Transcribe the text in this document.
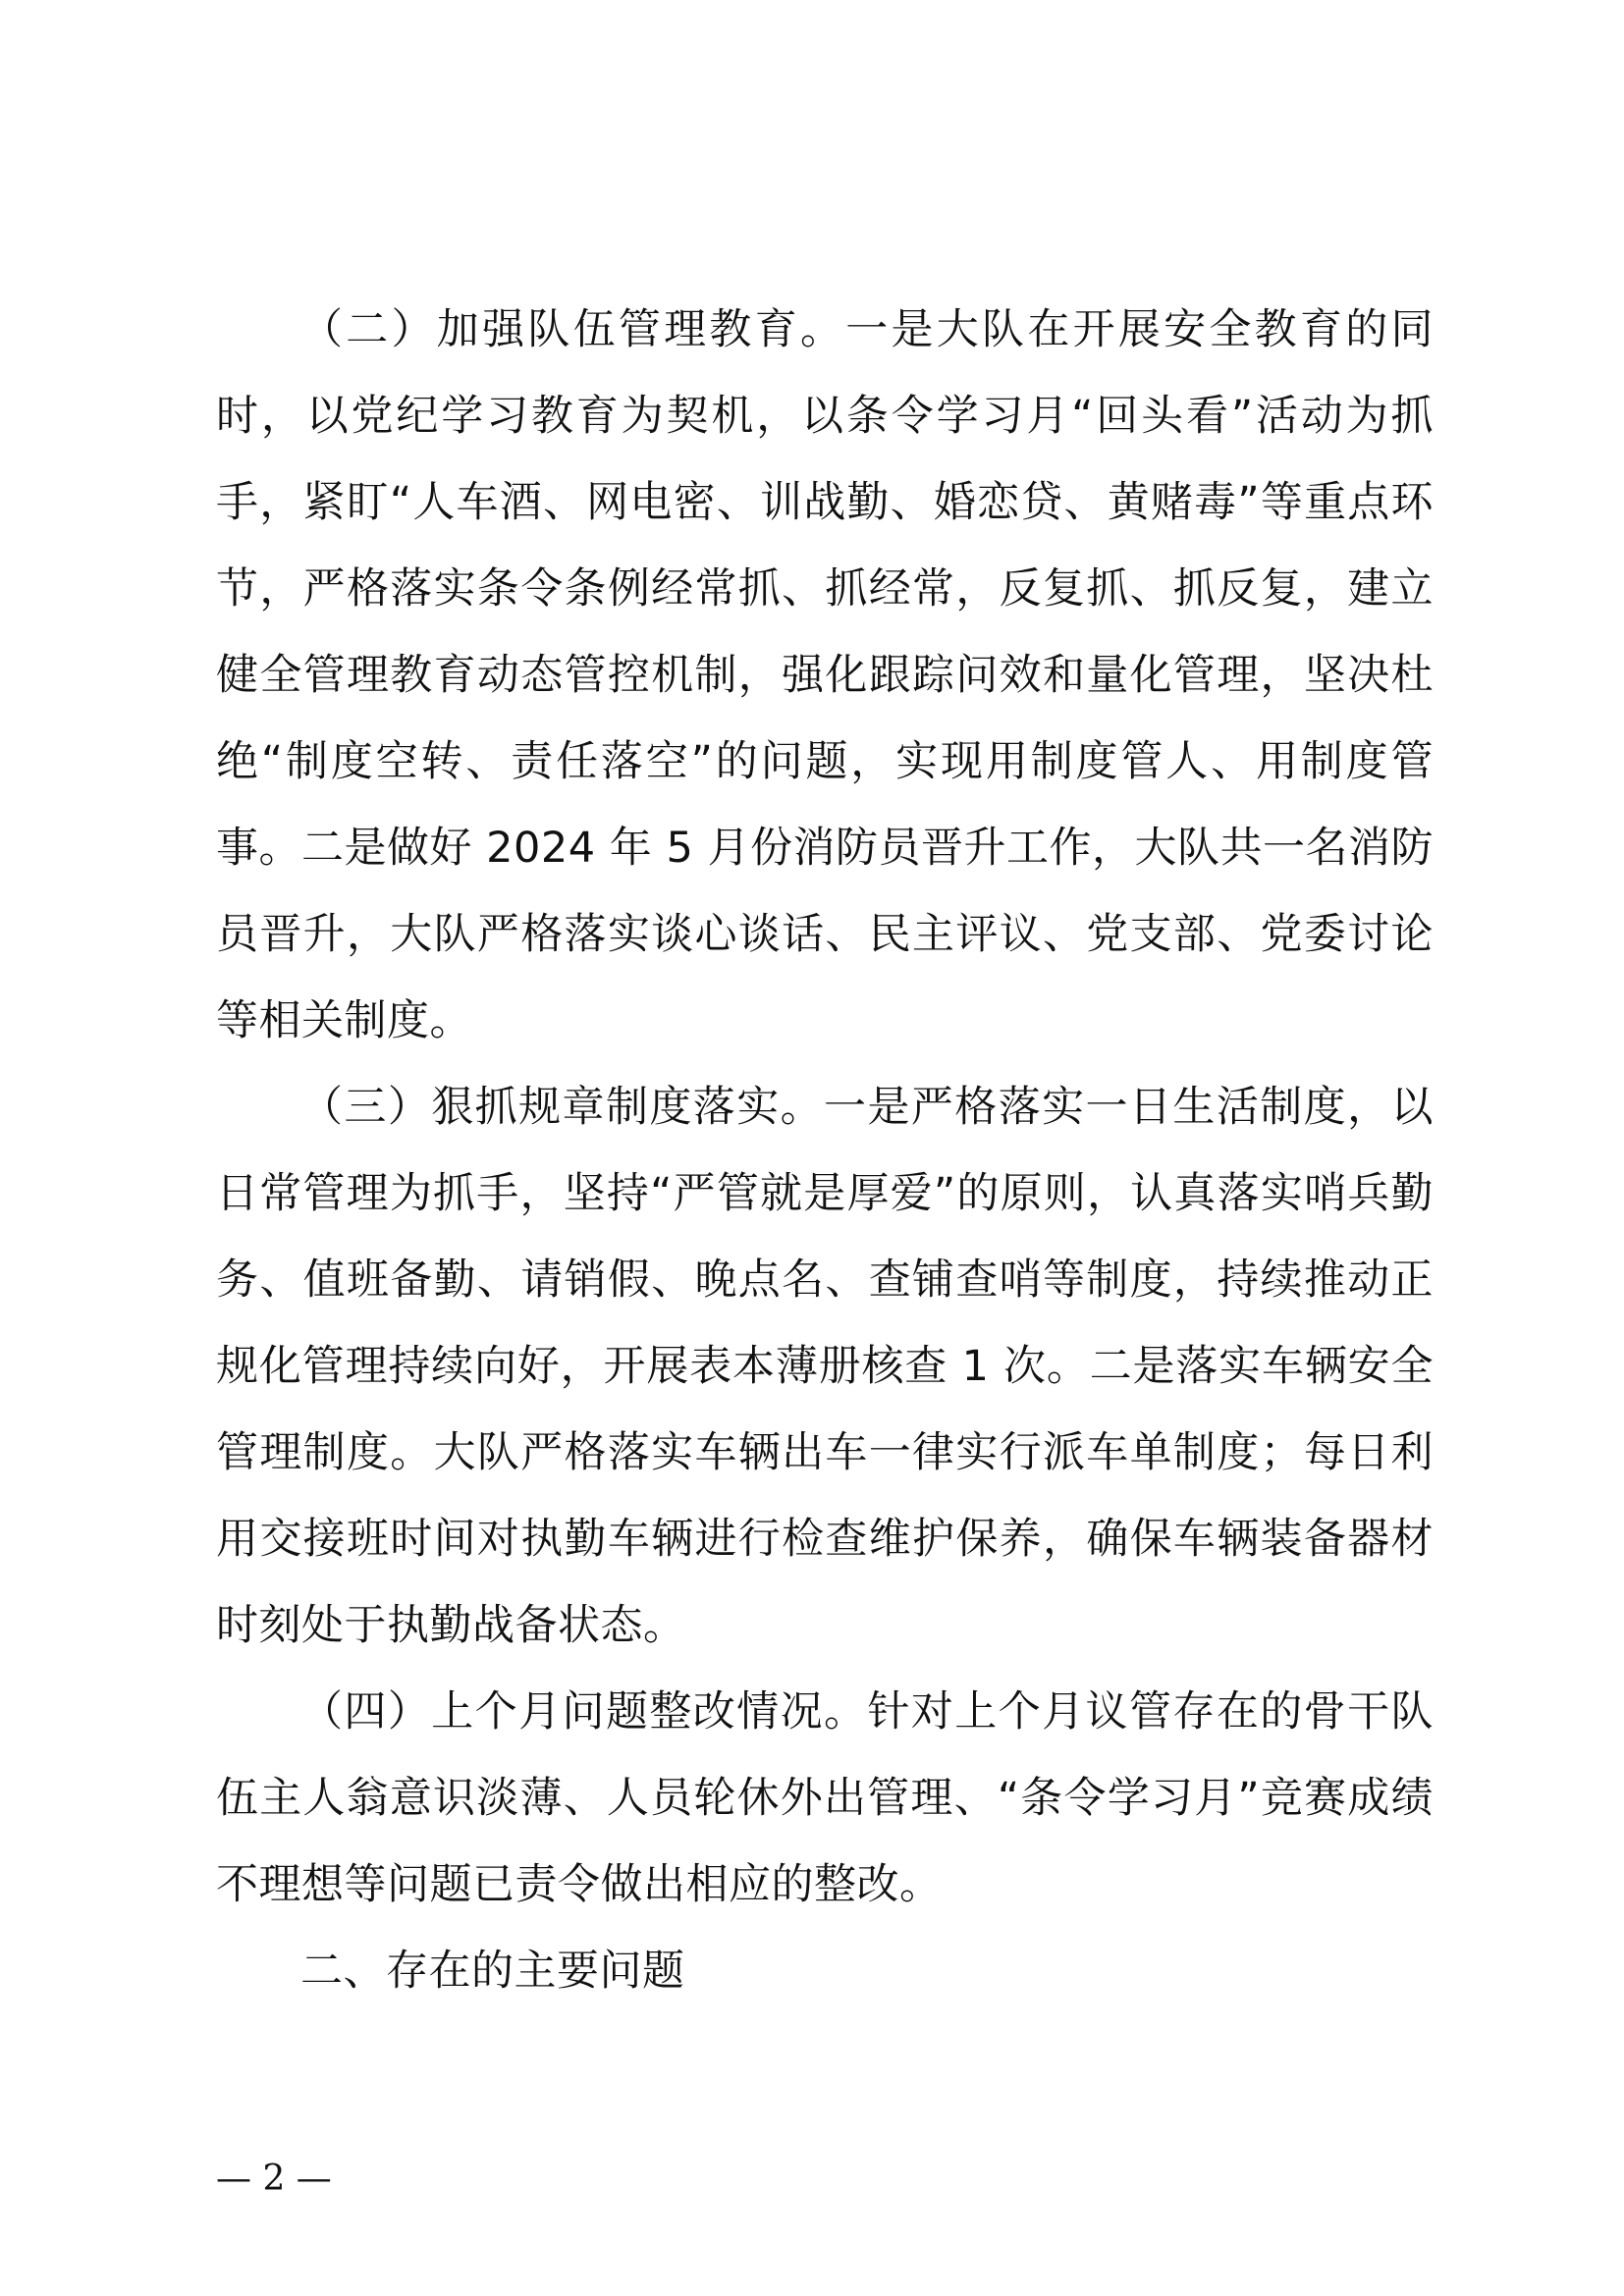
（二）加强队伍管理教育。一是大队在开展安全教育的同时，以党纪学习教育为契机，以条令学习月“回头看”活动为抓手，紧盯“人车酒、网电密、训战勤、婚恋贷、黄赌毒”等重点环节，严格落实条令条例经常抓、抓经常，反复抓、抓反复，建立健全管理教育动态管控机制，强化跟踪问效和量化管理，坚决杜绝“制度空转、责任落空”的问题，实现用制度管人、用制度管事。二是做好 2024 年 5 月份消防员晋升工作，大队共一名消防员晋升，大队严格落实谈心谈话、民主评议、党支部、党委讨论等相关制度。

（三）狠抓规章制度落实。一是严格落实一日生活制度，以日常管理为抓手，坚持“严管就是厚爱”的原则，认真落实哨兵勤务、值班备勤、请销假、晚点名、查铺查哨等制度，持续推动正规化管理持续向好，开展表本薄册核查 1 次。二是落实车辆安全管理制度。大队严格落实车辆出车一律实行派车单制度；每日利用交接班时间对执勤车辆进行检查维护保养，确保车辆装备器材时刻处于执勤战备状态。

（四）上个月问题整改情况。针对上个月议管存在的骨干队伍主人翁意识淡薄、人员轮休外出管理、“条令学习月”竞赛成绩不理想等问题已责令做出相应的整改。

二、存在的主要问题

— 2 —
